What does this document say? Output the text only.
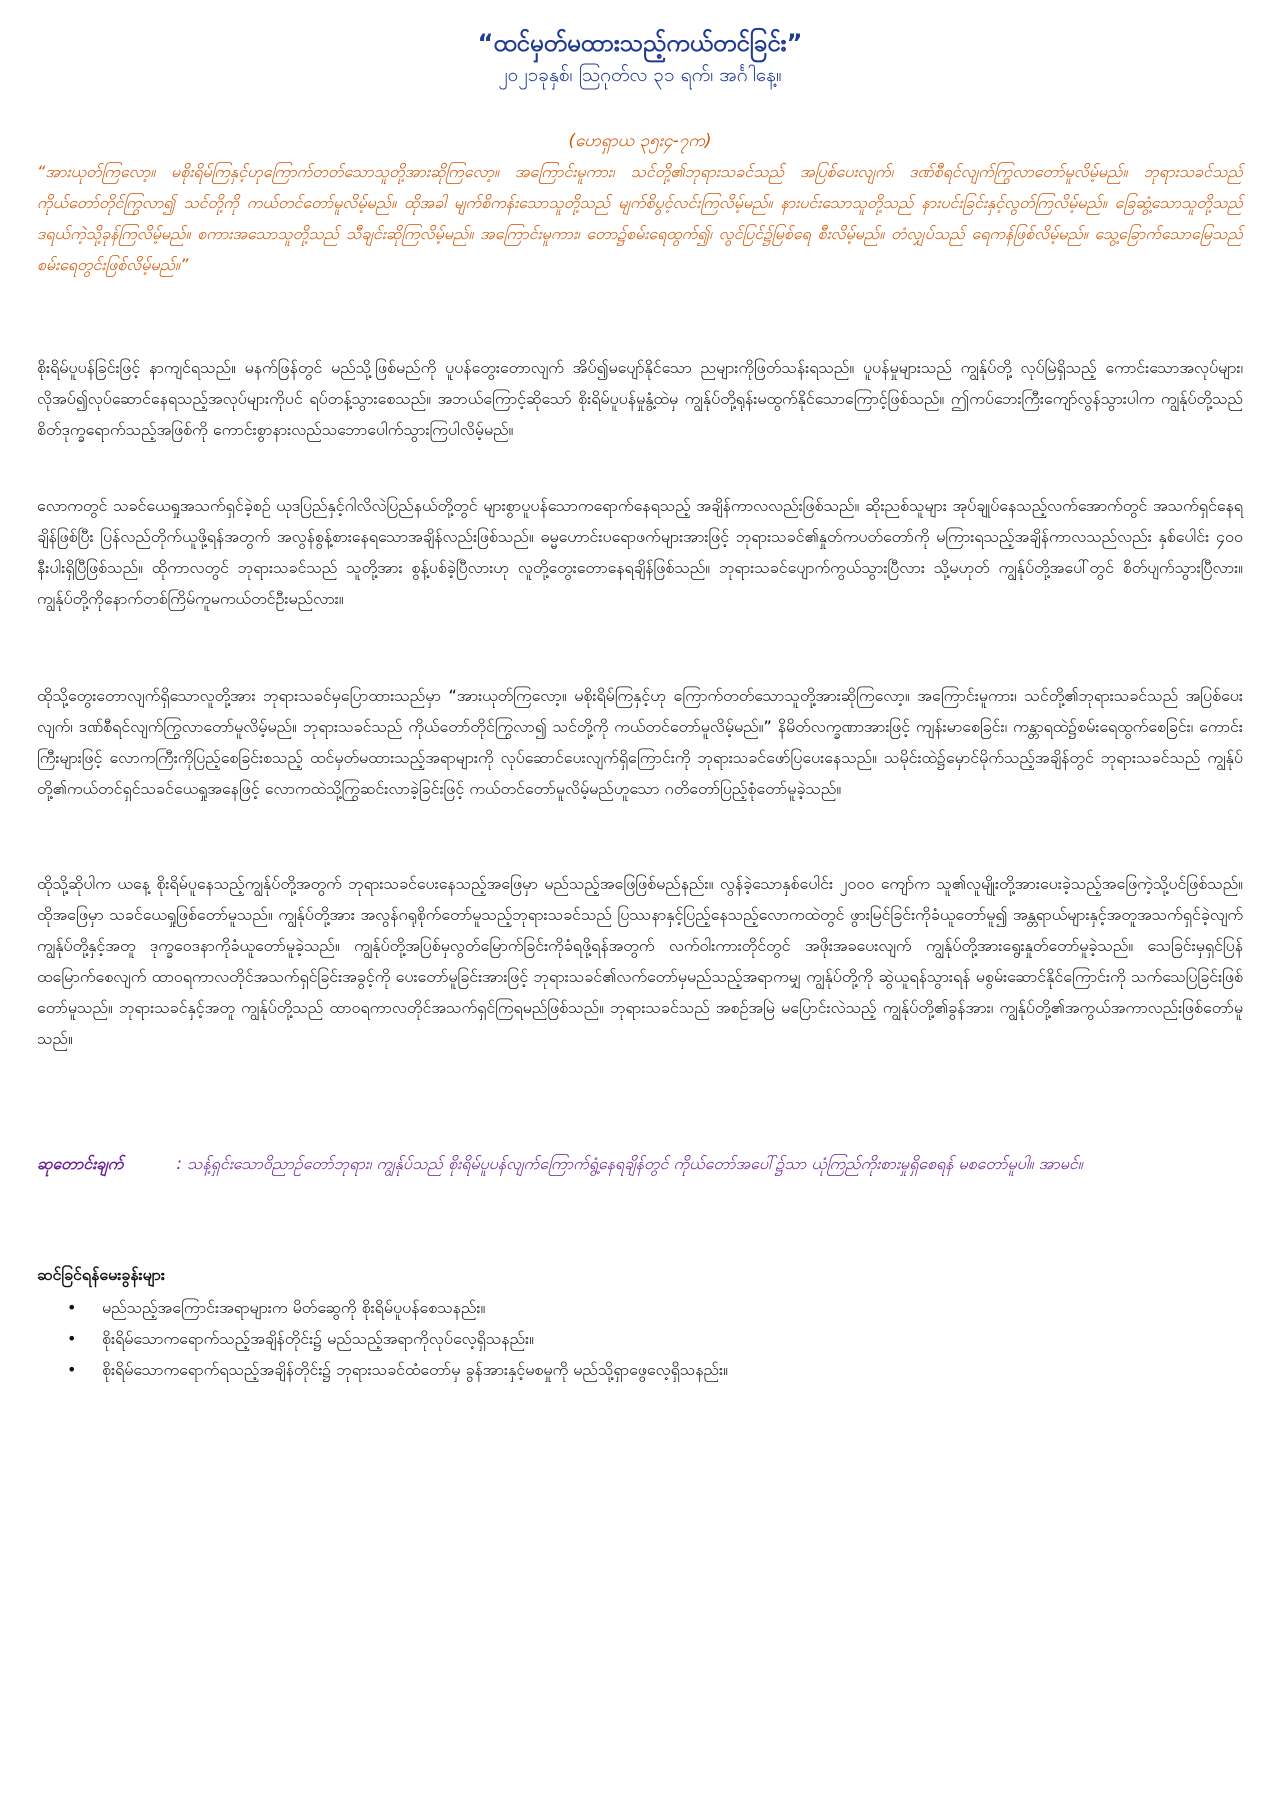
“ထင်မှတ်မထားသည့်ကယ်တင်ခြင်း”
၂၀၂၁ခုနှစ်၊ ဩဂုတ်လ ၃၁ ရက်၊ အင်္ဂါနေ့။
(ဟေရှာယ ၃၅း၄-၇က)

“အားယုတ်ကြလော့။ မစိုးရိမ်ကြနှင့်ဟုကြောက်တတ်သောသူတို့အားဆိုကြလော့။ အကြောင်းမူကား၊ သင်တို့၏ဘုရားသခင်သည် အပြစ်ပေးလျက်၊ ဒဏ်စီရင်လျက်ကြွလာတော်မူလိမ့်မည်။ ဘုရားသခင်သည် ကိုယ်တော်တိုင်ကြွလာ၍ သင်တို့ကို ကယ်တင်တော်မူလိမ့်မည်။ ထိုအခါ မျက်စိကန်းသောသူတို့သည် မျက်စိပွင့်လင်းကြလိမ့်မည်။ နားပင်းသောသူတို့သည် နားပင်းခြင်းနှင့်လွတ်ကြလိမ့်မည်။ ခြေဆွံ့သောသူတို့သည် ဒရယ်ကဲ့သို့ခုန်ကြလိမ့်မည်။ စကားအသောသူတို့သည် သီချင်းဆိုကြလိမ့်မည်။ အကြောင်းမူကား၊ တော၌စမ်းရေထွက်၍၊ လွင်ပြင်၌မြစ်ရေ စီးလိမ့်မည်။ တံလျှပ်သည် ရေကန်ဖြစ်လိမ့်မည်။ သွေ့ခြောက်သောမြေသည် စမ်းရေတွင်းဖြစ်လိမ့်မည်။”

စိုးရိမ်ပူပန်ခြင်းဖြင့် နာကျင်ရသည်။ မနက်ဖြန်တွင် မည်သို့ဖြစ်မည်ကို ပူပန်တွေးတောလျက် အိပ်၍မပျော်နိုင်သော ညများကိုဖြတ်သန်းရသည်။ ပူပန်မှုများသည် ကျွန်ုပ်တို့ လုပ်မြဲရှိသည့် ကောင်းသောအလုပ်များ၊ လိုအပ်၍လုပ်ဆောင်နေရသည့်အလုပ်များကိုပင် ရပ်တန့်သွားစေသည်။ အဘယ်ကြောင့်ဆိုသော် စိုးရိမ်ပူပန်မှုနွံ့ထဲမှ ကျွန်ုပ်တို့ရုန်းမထွက်နိုင်သောကြောင့်ဖြစ်သည်။ ဤကပ်ဘေးကြီးကျော်လွန်သွားပါက ကျွန်ုပ်တို့သည် စိတ်ဒုက္ခရောက်သည့်အဖြစ်ကို ကောင်းစွာနားလည်သဘောပေါက်သွားကြပါလိမ့်မည်။

လောကတွင် သခင်ယေရှုအသက်ရှင်ခဲ့စဉ် ယုဒပြည်နှင့်ဂါလိလဲပြည်နယ်တို့တွင် များစွာပူပန်သောကရောက်နေရသည့် အချိန်ကာလလည်းဖြစ်သည်။ ဆိုးညစ်သူများ အုပ်ချုပ်နေသည့်လက်အောက်တွင် အသက်ရှင်နေရချိန်ဖြစ်ပြီး ပြန်လည်တိုက်ယူဖို့ရန်အတွက် အလွန်စွန့်စားနေရသောအချိန်လည်းဖြစ်သည်။ ဓမ္မဟောင်းပရောဖက်များအားဖြင့် ဘုရားသခင်၏နှုတ်ကပတ်တော်ကို မကြားရသည့်အချိန်ကာလသည်လည်း နှစ်ပေါင်း ၄၀၀ နီးပါးရှိပြီဖြစ်သည်။ ထိုကာလတွင် ဘုရားသခင်သည် သူတို့အား စွန့်ပစ်ခဲ့ပြီလားဟု လူတို့တွေးတောနေရချိန်ဖြစ်သည်။ ဘုရားသခင်ပျောက်ကွယ်သွားပြီလား သို့မဟုတ် ကျွန်ုပ်တို့အပေါ်တွင် စိတ်ပျက်သွားပြီလား။ ကျွန်ုပ်တို့ကိုနောက်တစ်ကြိမ်ကူမကယ်တင်ဦးမည်လား။

ထိုသို့တွေးတောလျက်ရှိသောလူတို့အား ဘုရားသခင်မှပြောထားသည်မှာ “အားယုတ်ကြလော့။ မစိုးရိမ်ကြနှင့်ဟု ကြောက်တတ်သောသူတို့အားဆိုကြလော့။ အကြောင်းမူကား၊ သင်တို့၏ဘုရားသခင်သည် အပြစ်ပေးလျက်၊ ဒဏ်စီရင်လျက်ကြွလာတော်မူလိမ့်မည်။ ဘုရားသခင်သည် ကိုယ်တော်တိုင်ကြွလာ၍ သင်တို့ကို ကယ်တင်တော်မူလိမ့်မည်။” နိမိတ်လက္ခဏာအားဖြင့် ကျန်းမာစေခြင်း၊ ကန္တာရထဲ၌စမ်းရေထွက်စေခြင်း၊ ကောင်းကြီးများဖြင့် လောကကြီးကိုပြည့်စေခြင်းစသည့် ထင်မှတ်မထားသည့်အရာများကို လုပ်ဆောင်ပေးလျက်ရှိကြောင်းကို ဘုရားသခင်ဖော်ပြပေးနေသည်။ သမိုင်းထဲ၌မှောင်မိုက်သည့်အချိန်တွင် ဘုရားသခင်သည် ကျွန်ုပ်တို့၏ကယ်တင်ရှင်သခင်ယေရှုအနေဖြင့် လောကထဲသို့ကြွဆင်းလာခဲ့ခြင်းဖြင့် ကယ်တင်တော်မူလိမ့်မည်ဟူသော ဂတိတော်ပြည့်စုံတော်မူခဲ့သည်။

ထိုသို့ဆိုပါက ယနေ့ စိုးရိမ်ပူနေသည့်ကျွန်ုပ်တို့အတွက် ဘုရားသခင်ပေးနေသည့်အဖြေမှာ မည်သည့်အဖြေဖြစ်မည်နည်း။ လွန်ခဲ့သောနှစ်ပေါင်း ၂၀၀၀ ကျော်က သူ၏လူမျိုးတို့အားပေးခဲ့သည့်အဖြေကဲ့သို့ပင်ဖြစ်သည်။ ထိုအဖြေမှာ သခင်ယေရှုဖြစ်တော်မူသည်။ ကျွန်ုပ်တို့အား အလွန်ဂရုစိုက်တော်မူသည့်ဘုရားသခင်သည် ပြဿနာနှင့်ပြည့်နေသည့်လောကထဲတွင် ဖွားမြင်ခြင်းကိုခံယူတော်မူ၍ အန္တရာယ်များနှင့်အတူအသက်ရှင်ခဲ့လျက် ကျွန်ုပ်တို့နှင့်အတူ ဒုက္ခဝေဒနာကိုခံယူတော်မူခဲ့သည်။ ကျွန်ုပ်တို့အပြစ်မှလွတ်မြောက်ခြင်းကိုခံရဖို့ရန်အတွက် လက်ဝါးကားတိုင်တွင် အဖိုးအခပေးလျက် ကျွန်ုပ်တို့အားရွေးနှုတ်တော်မူခဲ့သည်။ သေခြင်းမှရှင်ပြန်ထမြောက်စေလျက် ထာဝရကာလတိုင်အသက်ရှင်ခြင်းအခွင့်ကို ပေးတော်မူခြင်းအားဖြင့် ဘုရားသခင်၏လက်တော်မှမည်သည့်အရာကမျှ ကျွန်ုပ်တို့ကို ဆွဲယူရန်သွားရန် မစွမ်းဆောင်နိုင်ကြောင်းကို သက်သေပြခြင်းဖြစ်တော်မူသည်။ ဘုရားသခင်နှင့်အတူ ကျွန်ုပ်တို့သည် ထာဝရကာလတိုင်အသက်ရှင်ကြရမည်ဖြစ်သည်။ ဘုရားသခင်သည် အစဉ်အမြဲ မပြောင်းလဲသည့် ကျွန်ုပ်တို့၏ခွန်အား၊ ကျွန်ုပ်တို့၏အကွယ်အကာလည်းဖြစ်တော်မူသည်။

ဆုတောင်းချက်	: သန့်ရှင်းသောဝိညာဉ်တော်ဘုရား၊ ကျွန်ုပ်သည် စိုးရိမ်ပူပန်လျက်ကြောက်ရွံ့နေရချိန်တွင် ကိုယ်တော်အပေါ်၌သာ ယုံကြည်ကိုးစားမှုရှိစေရန် မစတော်မူပါ။ အာမင်။

ဆင်ခြင်ရန်မေးခွန်းများ
• မည်သည့်အကြောင်းအရာများက မိတ်ဆွေကို စိုးရိမ်ပူပန်စေသနည်း။
• စိုးရိမ်သောကရောက်သည့်အချိန်တိုင်း၌ မည်သည့်အရာကိုလုပ်လေ့ရှိသနည်း။
• စိုးရိမ်သောကရောက်ရသည့်အချိန်တိုင်း၌ ဘုရားသခင်ထံတော်မှ ခွန်အားနှင့်မစမှုကို မည်သို့ရှာဖွေလေ့ရှိသနည်း။
